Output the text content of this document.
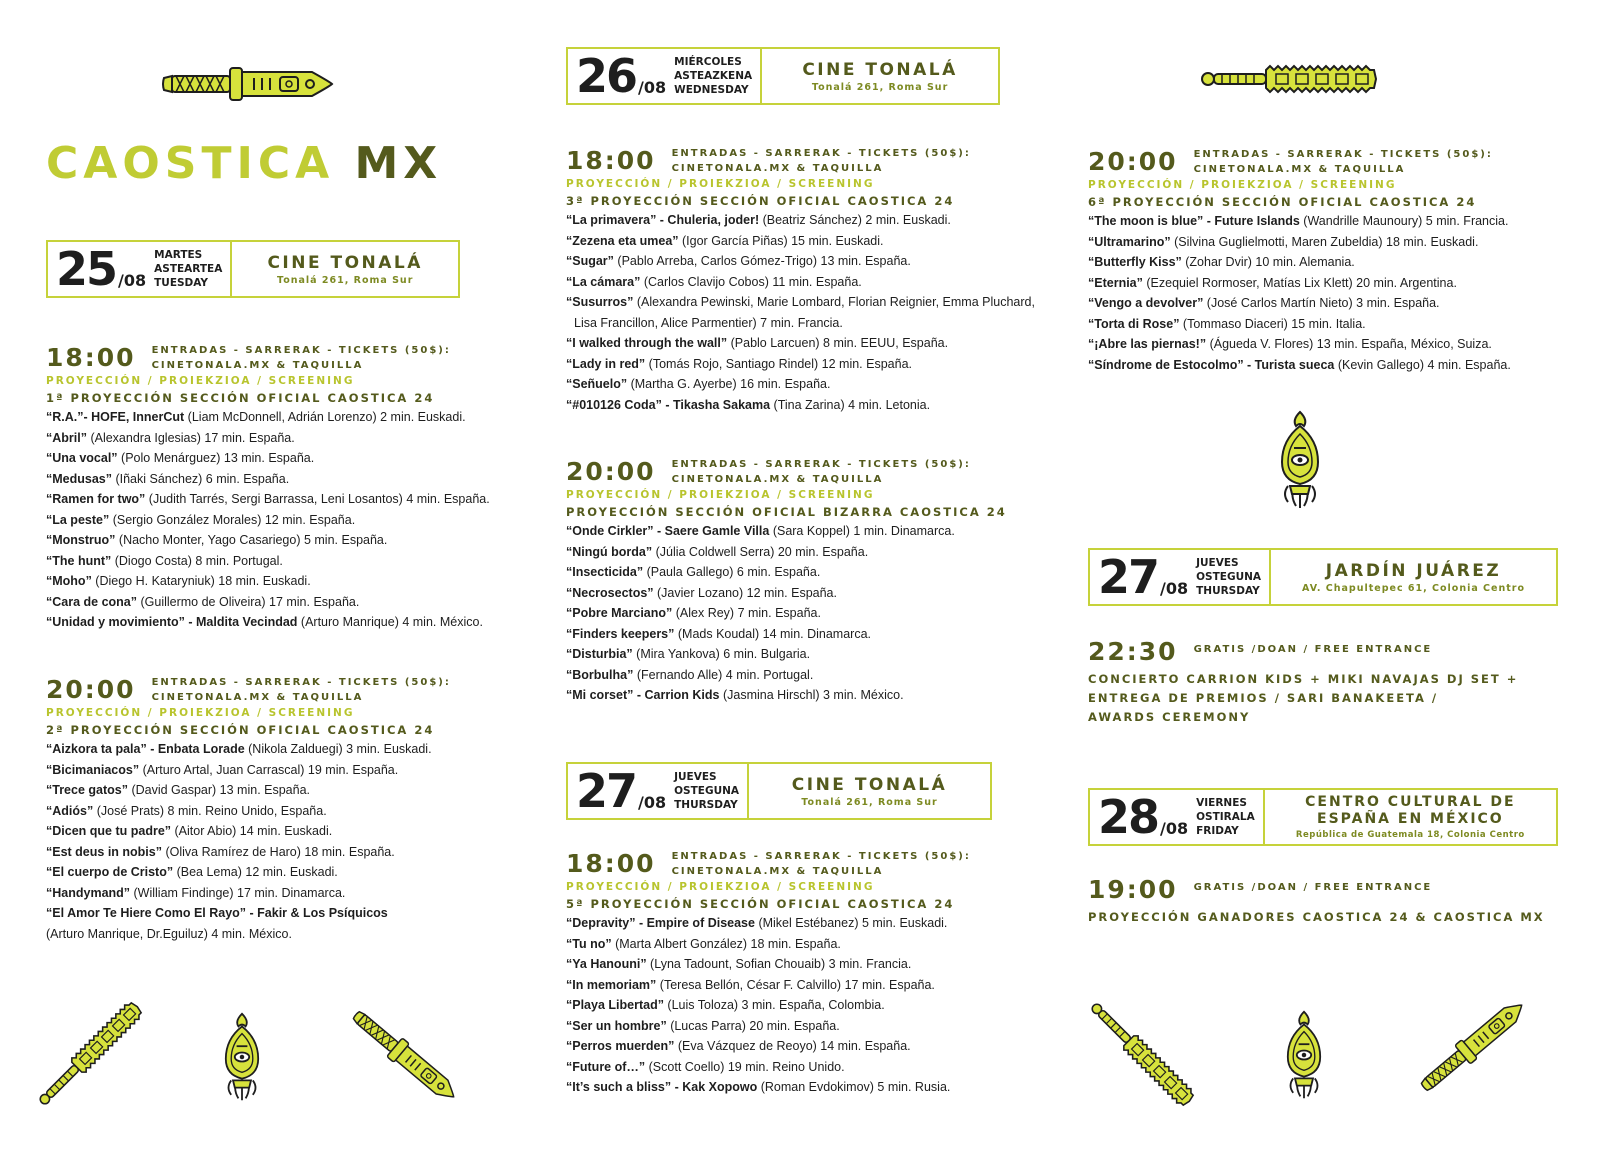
CAOSTICA MX
25 /08
MARTES
ASTEARTEA
TUESDAY
CINE TONALÁ
Tonalá 261, Roma Sur
18:00 ENTRADAS - SARRERAK - TICKETS (50$):
CINETONALA.MX & TAQUILLA
PROYECCIÓN / PROIEKZIOA / SCREENING
1ª PROYECCIÓN SECCIÓN OFICIAL CAOSTICA 24
“R.A.”- HOFE, InnerCut (Liam McDonnell, Adrián Lorenzo) 2 min. Euskadi.
“Abril” (Alexandra Iglesias) 17 min. España.
“Una vocal” (Polo Menárguez) 13 min. España.
“Medusas” (Iñaki Sánchez) 6 min. España.
“Ramen for two” (Judith Tarrés, Sergi Barrassa, Leni Losantos) 4 min. España.
“La peste” (Sergio González Morales) 12 min. España.
“Monstruo” (Nacho Monter, Yago Casariego) 5 min. España.
“The hunt” (Diogo Costa) 8 min. Portugal.
“Moho” (Diego H. Kataryniuk) 18 min. Euskadi.
“Cara de cona” (Guillermo de Oliveira) 17 min. España.
“Unidad y movimiento” - Maldita Vecindad (Arturo Manrique) 4 min. México.
20:00 ENTRADAS - SARRERAK - TICKETS (50$):
CINETONALA.MX & TAQUILLA
PROYECCIÓN / PROIEKZIOA / SCREENING
2ª PROYECCIÓN SECCIÓN OFICIAL CAOSTICA 24
“Aizkora ta pala” - Enbata Lorade (Nikola Zalduegi) 3 min. Euskadi.
“Bicimaniacos” (Arturo Artal, Juan Carrascal) 19 min. España.
“Trece gatos” (David Gaspar) 13 min. España.
“Adiós” (José Prats) 8 min. Reino Unido, España.
“Dicen que tu padre” (Aitor Abio) 14 min. Euskadi.
“Est deus in nobis” (Oliva Ramírez de Haro) 18 min. España.
“El cuerpo de Cristo” (Bea Lema) 12 min. Euskadi.
“Handymand” (William Findinge) 17 min. Dinamarca.
“El Amor Te Hiere Como El Rayo” - Fakir & Los Psíquicos
(Arturo Manrique, Dr.Eguiluz) 4 min. México.
26 /08
MIÉRCOLES
ASTEAZKENA
WEDNESDAY
CINE TONALÁ
Tonalá 261, Roma Sur
18:00 ENTRADAS - SARRERAK - TICKETS (50$):
CINETONALA.MX & TAQUILLA
PROYECCIÓN / PROIEKZIOA / SCREENING
3ª PROYECCIÓN SECCIÓN OFICIAL CAOSTICA 24
“La primavera” - Chuleria, joder! (Beatriz Sánchez) 2 min. Euskadi.
“Zezena eta umea” (Igor García Piñas) 15 min. Euskadi.
“Sugar” (Pablo Arreba, Carlos Gómez-Trigo) 13 min. España.
“La cámara” (Carlos Clavijo Cobos) 11 min. España.
“Susurros” (Alexandra Pewinski, Marie Lombard, Florian Reignier, Emma Pluchard,
Lisa Francillon, Alice Parmentier) 7 min. Francia.
“I walked through the wall” (Pablo Larcuen) 8 min. EEUU, España.
“Lady in red” (Tomás Rojo, Santiago Rindel) 12 min. España.
“Señuelo” (Martha G. Ayerbe) 16 min. España.
“#010126 Coda” - Tikasha Sakama (Tina Zarina) 4 min. Letonia.
20:00 ENTRADAS - SARRERAK - TICKETS (50$):
CINETONALA.MX & TAQUILLA
PROYECCIÓN / PROIEKZIOA / SCREENING
PROYECCIÓN SECCIÓN OFICIAL BIZARRA CAOSTICA 24
“Onde Cirkler” - Saere Gamle Villa (Sara Koppel) 1 min. Dinamarca.
“Ningú borda” (Júlia Coldwell Serra) 20 min. España.
“Insecticida” (Paula Gallego) 6 min. España.
“Necrosectos” (Javier Lozano) 12 min. España.
“Pobre Marciano” (Alex Rey) 7 min. España.
“Finders keepers” (Mads Koudal) 14 min. Dinamarca.
“Disturbia” (Mira Yankova) 6 min. Bulgaria.
“Borbulha” (Fernando Alle) 4 min. Portugal.
“Mi corset” - Carrion Kids (Jasmina Hirschl) 3 min. México.
27 /08
JUEVES
OSTEGUNA
THURSDAY
CINE TONALÁ
Tonalá 261, Roma Sur
18:00 ENTRADAS - SARRERAK - TICKETS (50$):
CINETONALA.MX & TAQUILLA
PROYECCIÓN / PROIEKZIOA / SCREENING
5ª PROYECCIÓN SECCIÓN OFICIAL CAOSTICA 24
“Depravity” - Empire of Disease (Mikel Estébanez) 5 min. Euskadi.
“Tu no” (Marta Albert González) 18 min. España.
“Ya Hanouni” (Lyna Tadount, Sofian Chouaib) 3 min. Francia.
“In memoriam” (Teresa Bellón, César F. Calvillo) 17 min. España.
“Playa Libertad” (Luis Toloza) 3 min. España, Colombia.
“Ser un hombre” (Lucas Parra) 20 min. España.
“Perros muerden” (Eva Vázquez de Reoyo) 14 min. España.
“Future of…” (Scott Coello) 19 min. Reino Unido.
“It’s such a bliss” - Kak Xopowo (Roman Evdokimov) 5 min. Rusia.
20:00 ENTRADAS - SARRERAK - TICKETS (50$):
CINETONALA.MX & TAQUILLA
PROYECCIÓN / PROIEKZIOA / SCREENING
6ª PROYECCIÓN SECCIÓN OFICIAL CAOSTICA 24
“The moon is blue” - Future Islands (Wandrille Maunoury) 5 min. Francia.
“Ultramarino” (Silvina Guglielmotti, Maren Zubeldia) 18 min. Euskadi.
“Butterfly Kiss” (Zohar Dvir) 10 min. Alemania.
“Eternia” (Ezequiel Rormoser, Matías Lix Klett) 20 min. Argentina.
“Vengo a devolver” (José Carlos Martín Nieto) 3 min. España.
“Torta di Rose” (Tommaso Diaceri) 15 min. Italia.
“¡Abre las piernas!” (Águeda V. Flores) 13 min. España, México, Suiza.
“Síndrome de Estocolmo” - Turista sueca (Kevin Gallego) 4 min. España.
27 /08
JUEVES
OSTEGUNA
THURSDAY
JARDÍN JUÁREZ
AV. Chapultepec 61, Colonia Centro
22:30 GRATIS /DOAN / FREE ENTRANCE
CONCIERTO CARRION KIDS + MIKI NAVAJAS DJ SET +
ENTREGA DE PREMIOS / SARI BANAKEETA /
AWARDS CEREMONY
28 /08
VIERNES
OSTIRALA
FRIDAY
CENTRO CULTURAL DE
ESPAÑA EN MÉXICO
República de Guatemala 18, Colonia Centro
19:00 GRATIS /DOAN / FREE ENTRANCE
PROYECCIÓN GANADORES CAOSTICA 24 & CAOSTICA MX
